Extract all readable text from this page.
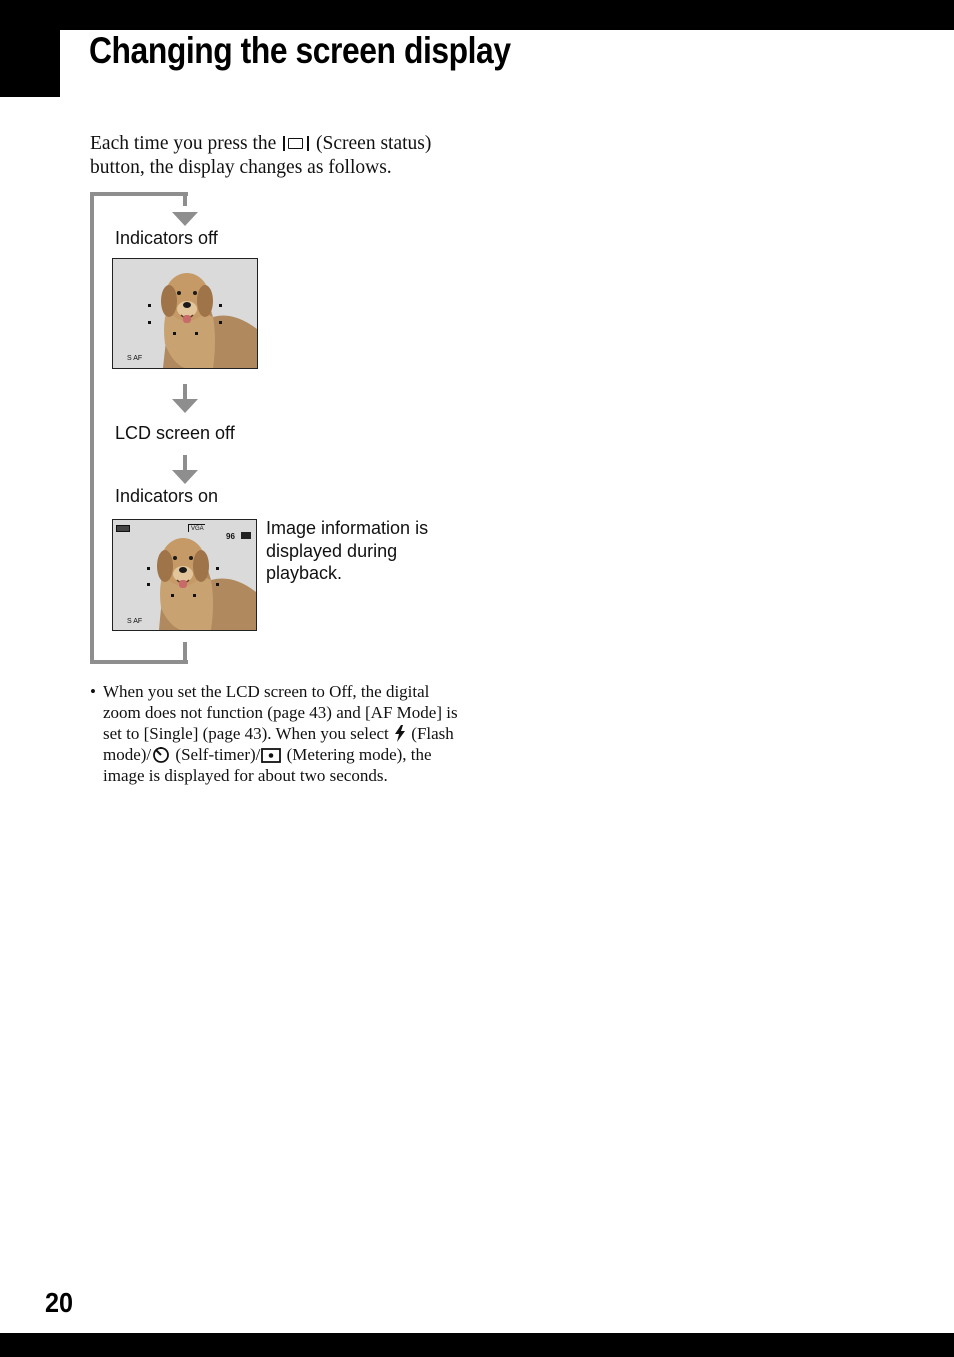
Changing the screen display
Each time you press the (Screen status) button, the display changes as follows.
Indicators off
S AF
LCD screen off
Indicators on
VGA
96
S AF
Image information is displayed during playback.
• When you set the LCD screen to Off, the digital zoom does not function (page 43) and [AF Mode] is set to [Single] (page 43). When you select (Flash mode)/ (Self-timer)/ (Metering mode), the image is displayed for about two seconds.
20
